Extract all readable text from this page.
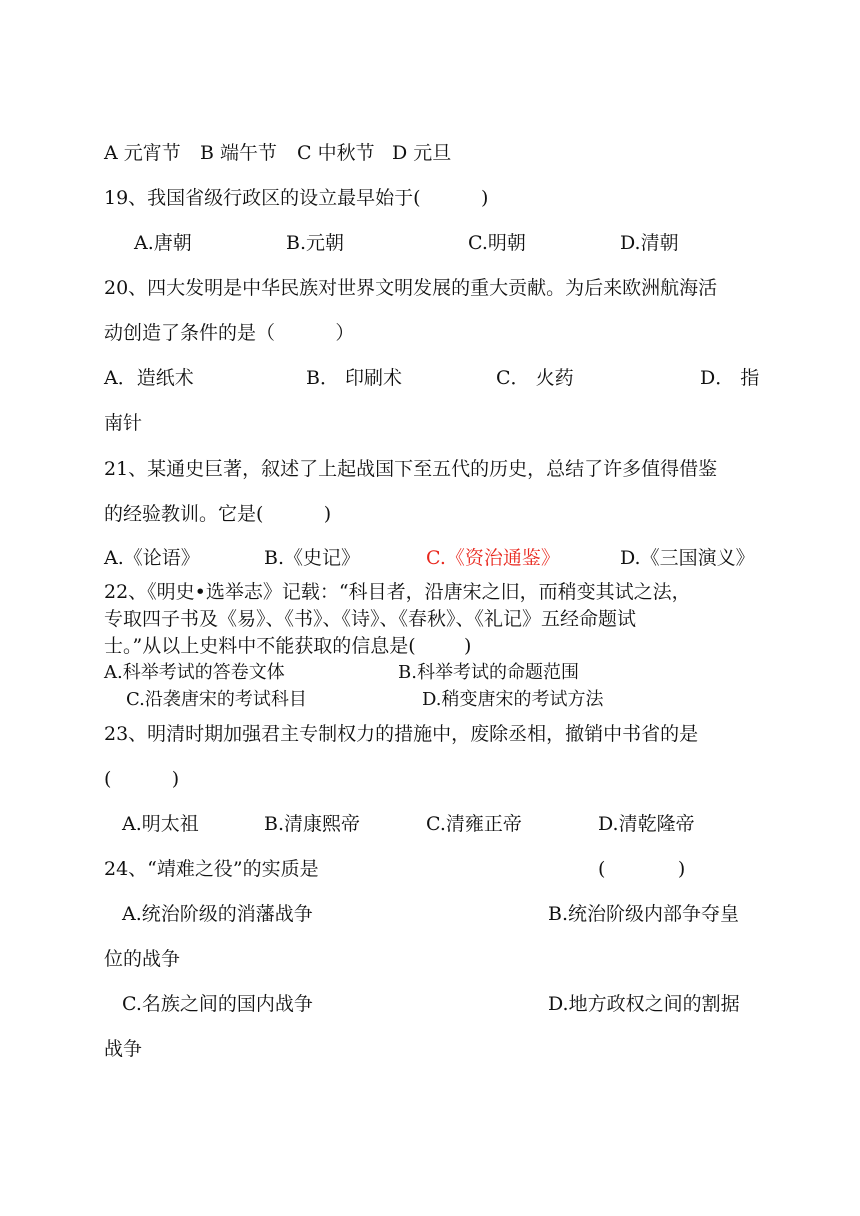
A 元宵节 B 端午节 C 中秋节 D 元旦
19、我国省级行政区的设立最早始于(          )
A.唐朝	B.元朝	C.明朝	D.清朝
20、四大发明是中华民族对世界文明发展的重大贡献。为后来欧洲航海活
动创造了条件的是（          ）
A．造纸术	B． 印刷术	C． 火药	D． 指
南针
21、某通史巨著，叙述了上起战国下至五代的历史，总结了许多值得借鉴
的经验教训。它是(          )
A.《论语》	B.《史记》	C.《资治通鉴》	D.《三国演义》
22、《明史•选举志》记载：“科目者，沿唐宋之旧，而稍变其试之法，
专取四子书及《易》、《书》、《诗》、《春秋》、《礼记》五经命题试
士。”从以上史料中不能获取的信息是(        )
A.科举考试的答卷文体	B.科举考试的命题范围
C.沿袭唐宋的考试科目	D.稍变唐宋的考试方法
23、明清时期加强君主专制权力的措施中，废除丞相，撤销中书省的是
(          )
A.明太祖	B.清康熙帝	C.清雍正帝	D.清乾隆帝
24、“靖难之役”的实质是	(            )
A.统治阶级的消藩战争	B.统治阶级内部争夺皇
位的战争
C.名族之间的国内战争	D.地方政权之间的割据
战争
